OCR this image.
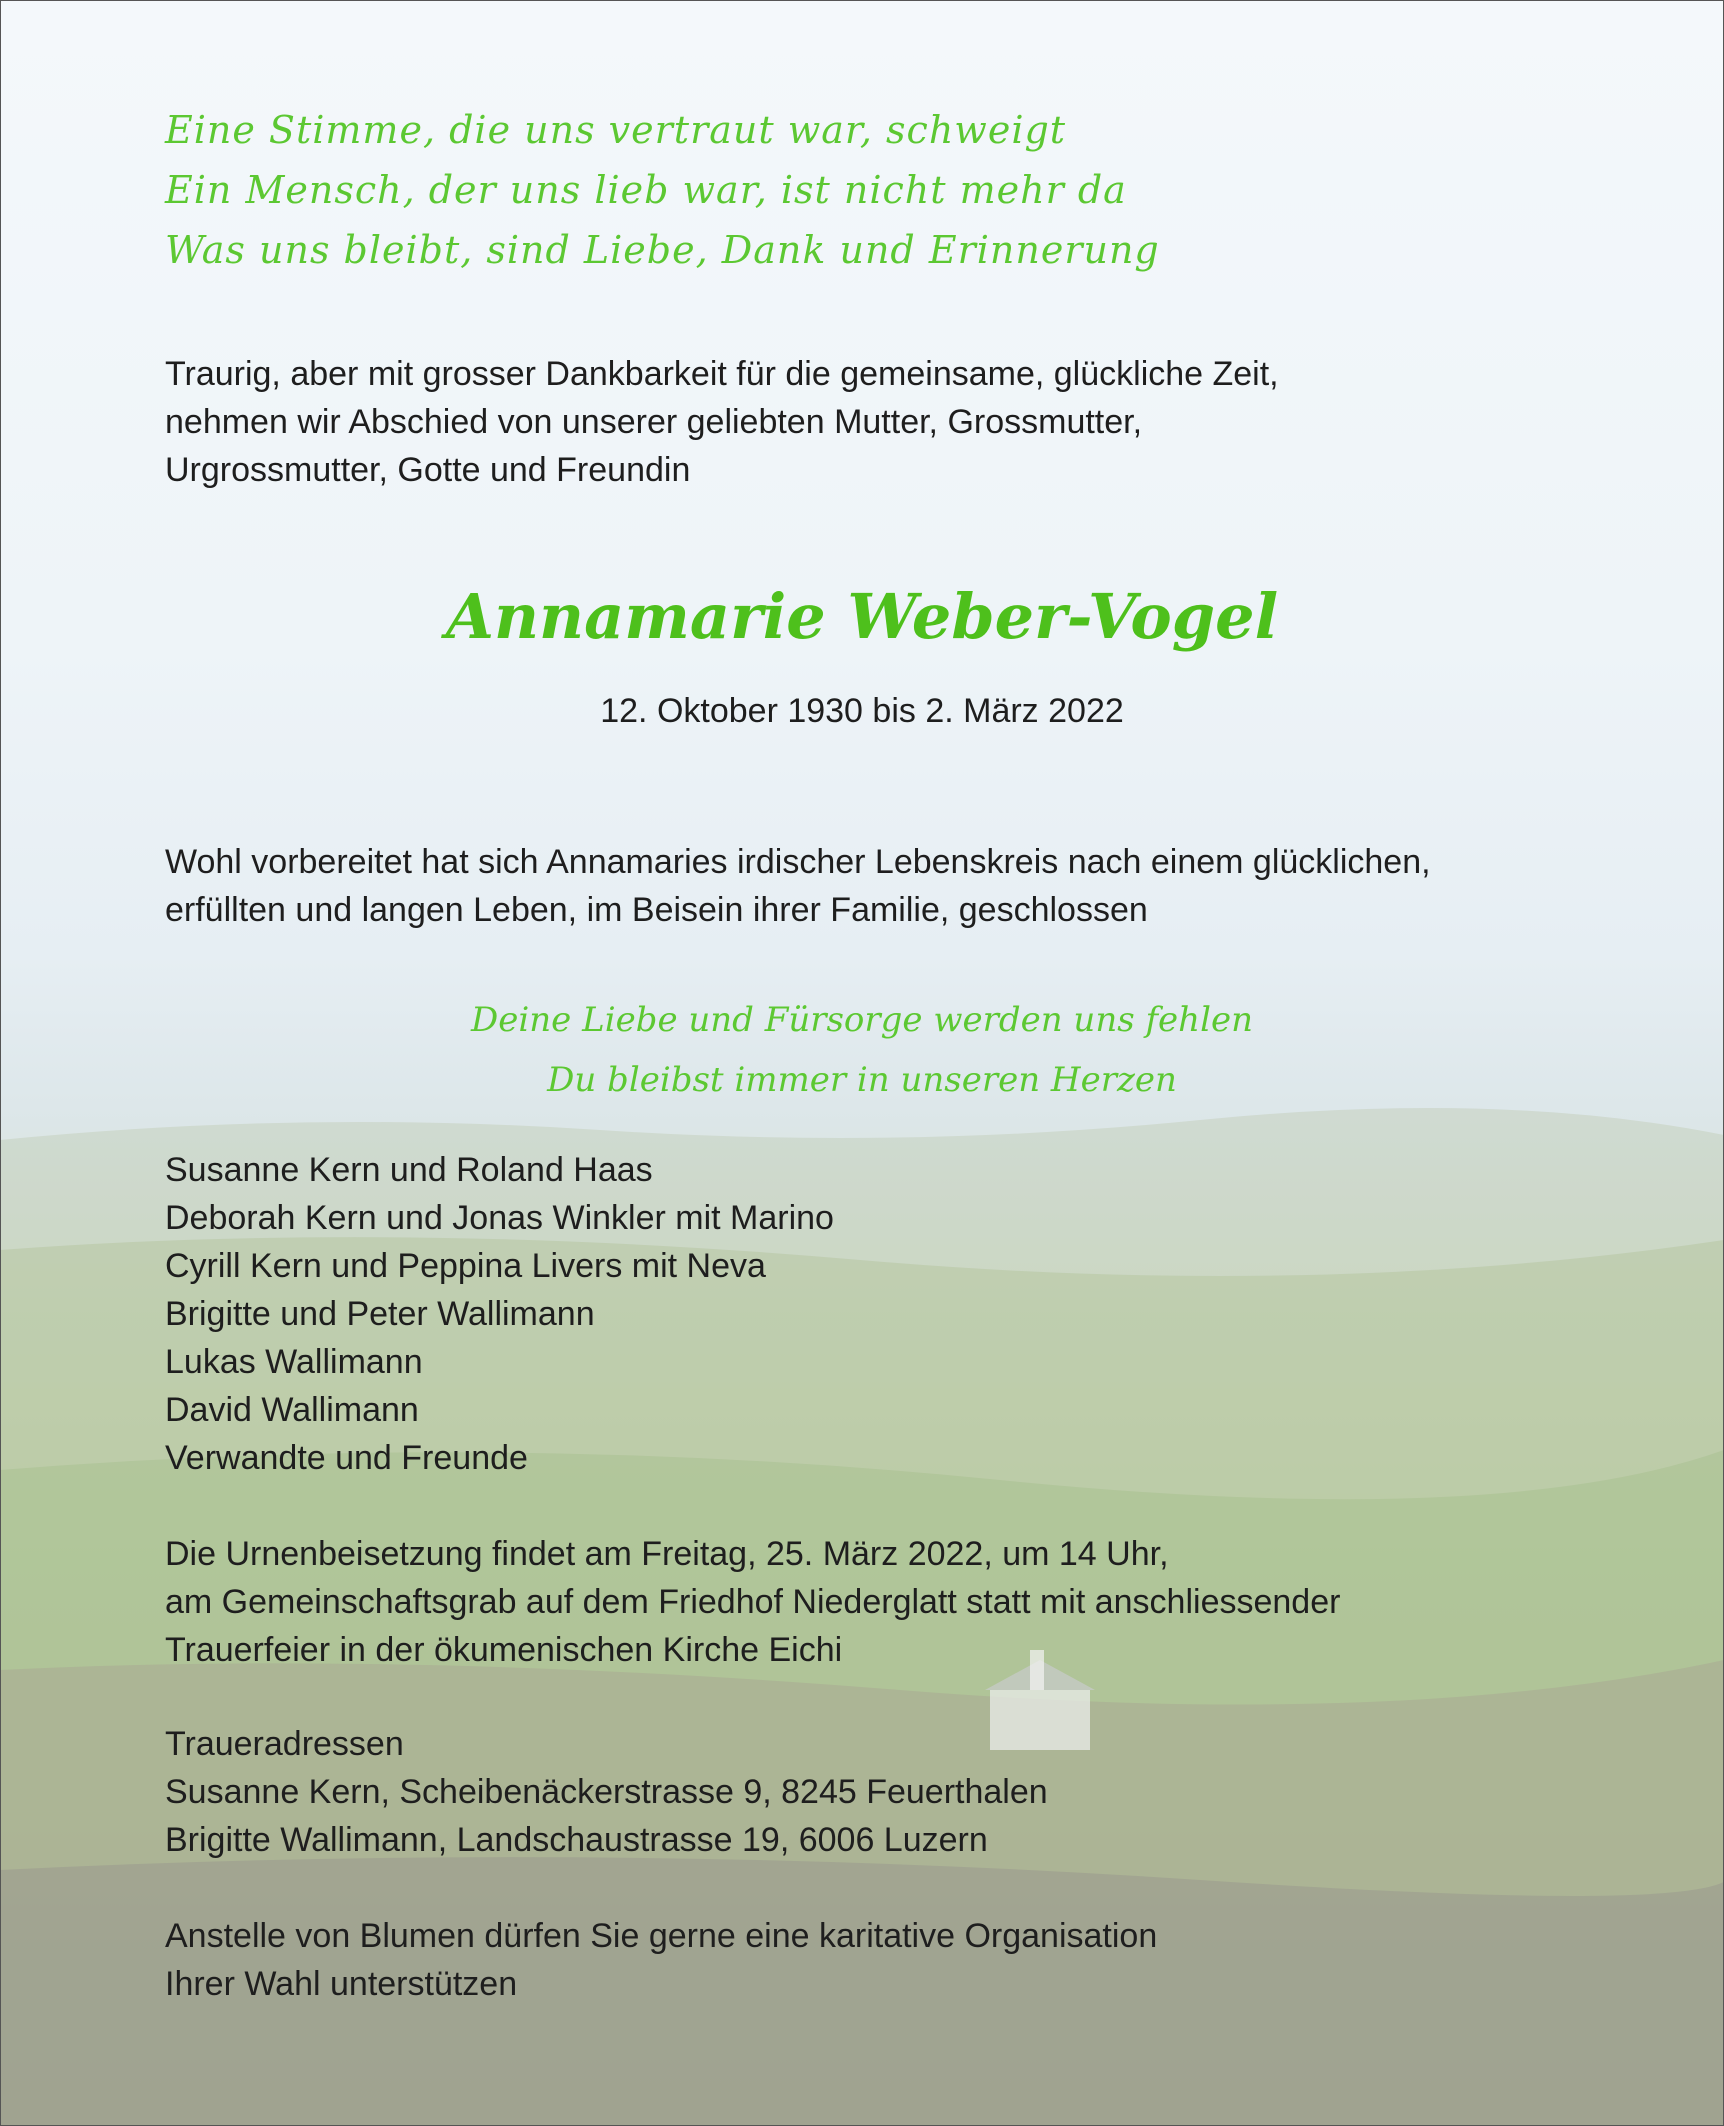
Eine Stimme, die uns vertraut war, schweigt
Ein Mensch, der uns lieb war, ist nicht mehr da
Was uns bleibt, sind Liebe, Dank und Erinnerung
Traurig, aber mit grosser Dankbarkeit für die gemeinsame, glückliche Zeit,
nehmen wir Abschied von unserer geliebten Mutter, Grossmutter,
Urgrossmutter, Gotte und Freundin
Annamarie Weber-Vogel
12. Oktober 1930 bis 2. März 2022
Wohl vorbereitet hat sich Annamaries irdischer Lebenskreis nach einem glücklichen,
erfüllten und langen Leben, im Beisein ihrer Familie, geschlossen
Deine Liebe und Fürsorge werden uns fehlen
Du bleibst immer in unseren Herzen
Susanne Kern und Roland Haas
Deborah Kern und Jonas Winkler mit Marino
Cyrill Kern und Peppina Livers mit Neva
Brigitte und Peter Wallimann
Lukas Wallimann
David Wallimann
Verwandte und Freunde
Die Urnenbeisetzung findet am Freitag, 25. März 2022, um 14 Uhr,
am Gemeinschaftsgrab auf dem Friedhof Niederglatt statt mit anschliessender
Trauerfeier in der ökumenischen Kirche Eichi
Traueradressen
Susanne Kern, Scheibenäckerstrasse 9, 8245 Feuerthalen
Brigitte Wallimann, Landschaustrasse 19, 6006 Luzern
Anstelle von Blumen dürfen Sie gerne eine karitative Organisation
Ihrer Wahl unterstützen
